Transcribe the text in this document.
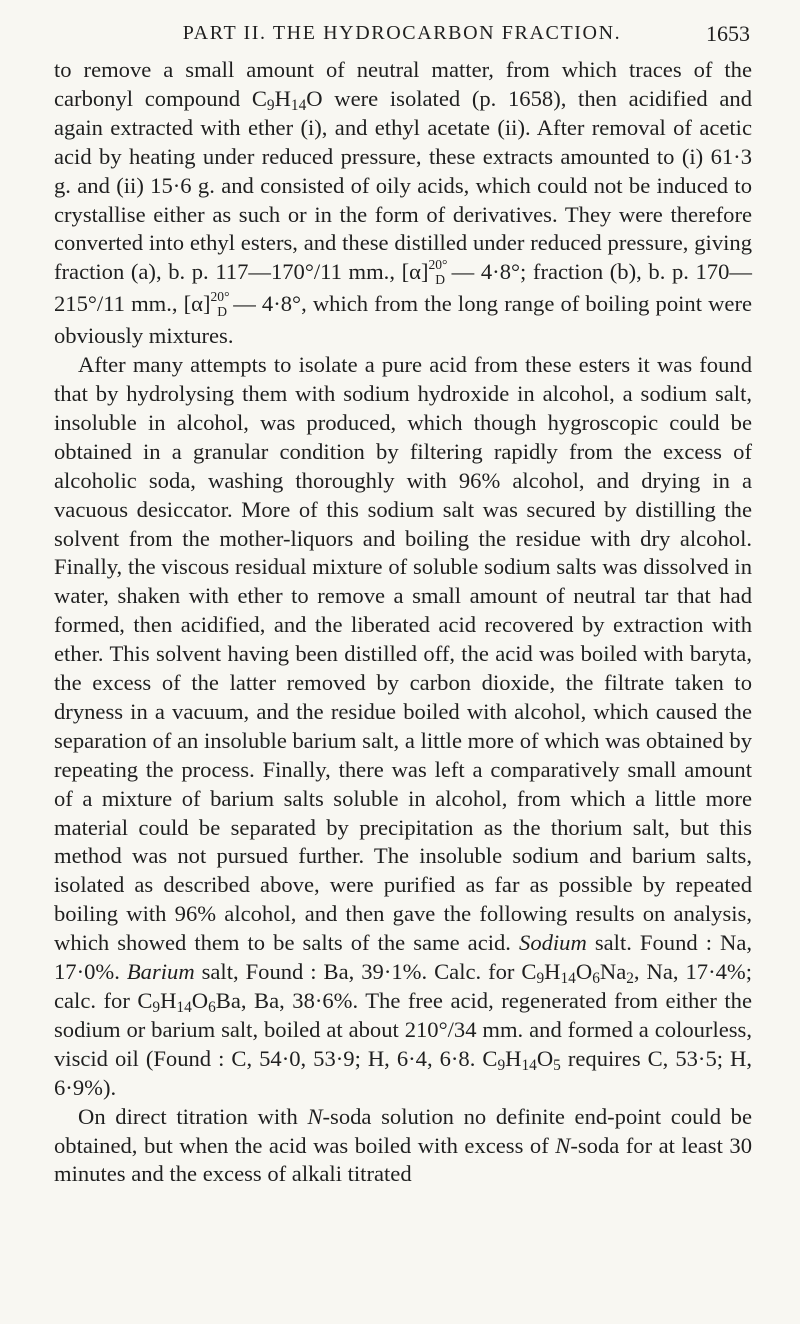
PART II. THE HYDROCARBON FRACTION.	1653

to remove a small amount of neutral matter, from which traces of the carbonyl compound $C_9H_{14}O$ were isolated (p. 1658), then acidified and again extracted with ether (i), and ethyl acetate (ii). After removal of acetic acid by heating under reduced pressure, these extracts amounted to (i) 61·3 g. and (ii) 15·6 g. and consisted of oily acids, which could not be induced to crystallise either as such or in the form of derivatives. They were therefore converted into ethyl esters, and these distilled under reduced pressure, giving fraction (a), b. p. 117—170°/11 mm., [α]20°D — 4·8°; fraction (b), b. p. 170—215°/11 mm., [α]20°D — 4·8°, which from the long range of boiling point were obviously mixtures.

After many attempts to isolate a pure acid from these esters it was found that by hydrolysing them with sodium hydroxide in alcohol, a sodium salt, insoluble in alcohol, was produced, which though hygroscopic could be obtained in a granular condition by filtering rapidly from the excess of alcoholic soda, washing thoroughly with 96% alcohol, and drying in a vacuous desiccator. More of this sodium salt was secured by distilling the solvent from the mother-liquors and boiling the residue with dry alcohol. Finally, the viscous residual mixture of soluble sodium salts was dissolved in water, shaken with ether to remove a small amount of neutral tar that had formed, then acidified, and the liberated acid recovered by extraction with ether. This solvent having been distilled off, the acid was boiled with baryta, the excess of the latter removed by carbon dioxide, the filtrate taken to dryness in a vacuum, and the residue boiled with alcohol, which caused the separation of an insoluble barium salt, a little more of which was obtained by repeating the process. Finally, there was left a comparatively small amount of a mixture of barium salts soluble in alcohol, from which a little more material could be separated by precipitation as the thorium salt, but this method was not pursued further. The insoluble sodium and barium salts, isolated as described above, were purified as far as possible by repeated boiling with 96% alcohol, and then gave the following results on analysis, which showed them to be salts of the same acid. Sodium salt. Found : Na, 17·0%. Barium salt, Found : Ba, 39·1%. Calc. for $C_9H_{14}O_6Na_2$, Na, 17·4%; calc. for $C_9H_{14}O_6Ba$, Ba, 38·6%. The free acid, regenerated from either the sodium or barium salt, boiled at about 210°/34 mm. and formed a colourless, viscid oil (Found : C, 54·0, 53·9; H, 6·4, 6·8. $C_9H_{14}O_5$ requires C, 53·5; H, 6·9%).

On direct titration with N-soda solution no definite end-point could be obtained, but when the acid was boiled with excess of N-soda for at least 30 minutes and the excess of alkali titrated
